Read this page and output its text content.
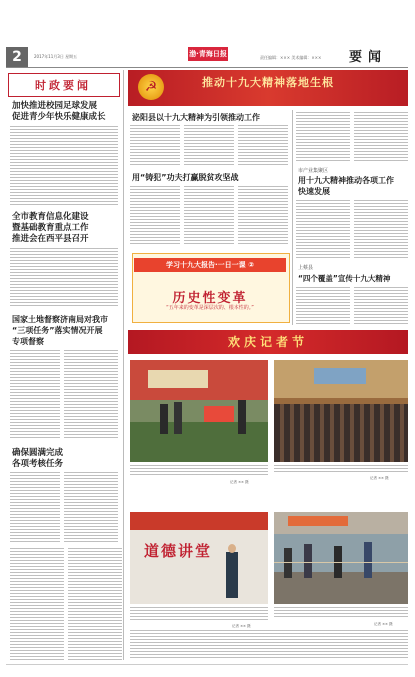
2	2017年11月3日 星期五	渤·青海日报	责任编辑：××× 美术编辑：××× 要闻
时政要闻
加快推进校园足球发展
促进青少年快乐健康成长
全市教育信息化建设
暨基础教育重点工作
推进会在西平县召开
国家土地督察济南局对我市
“三项任务”落实情况开展
专项督察
确保圆满完成
各项考核任务
☭	推动十九大精神落地生根
泌阳县以十九大精神为引领推动工作
用“铸犯”功夫打赢脱贫攻坚战
学习十九大报告·一日一课 ②
历史性变革
“五年来的变革是深层次的、根本性的。”
市产业集聚区
用十九大精神推动各项工作
快速发展
上蔡县
“四个覆盖”宣传十九大精神
欢庆记者节
记者 ×× 摄
记者 ×× 摄
道德讲堂
记者 ×× 摄	记者 ×× 摄
